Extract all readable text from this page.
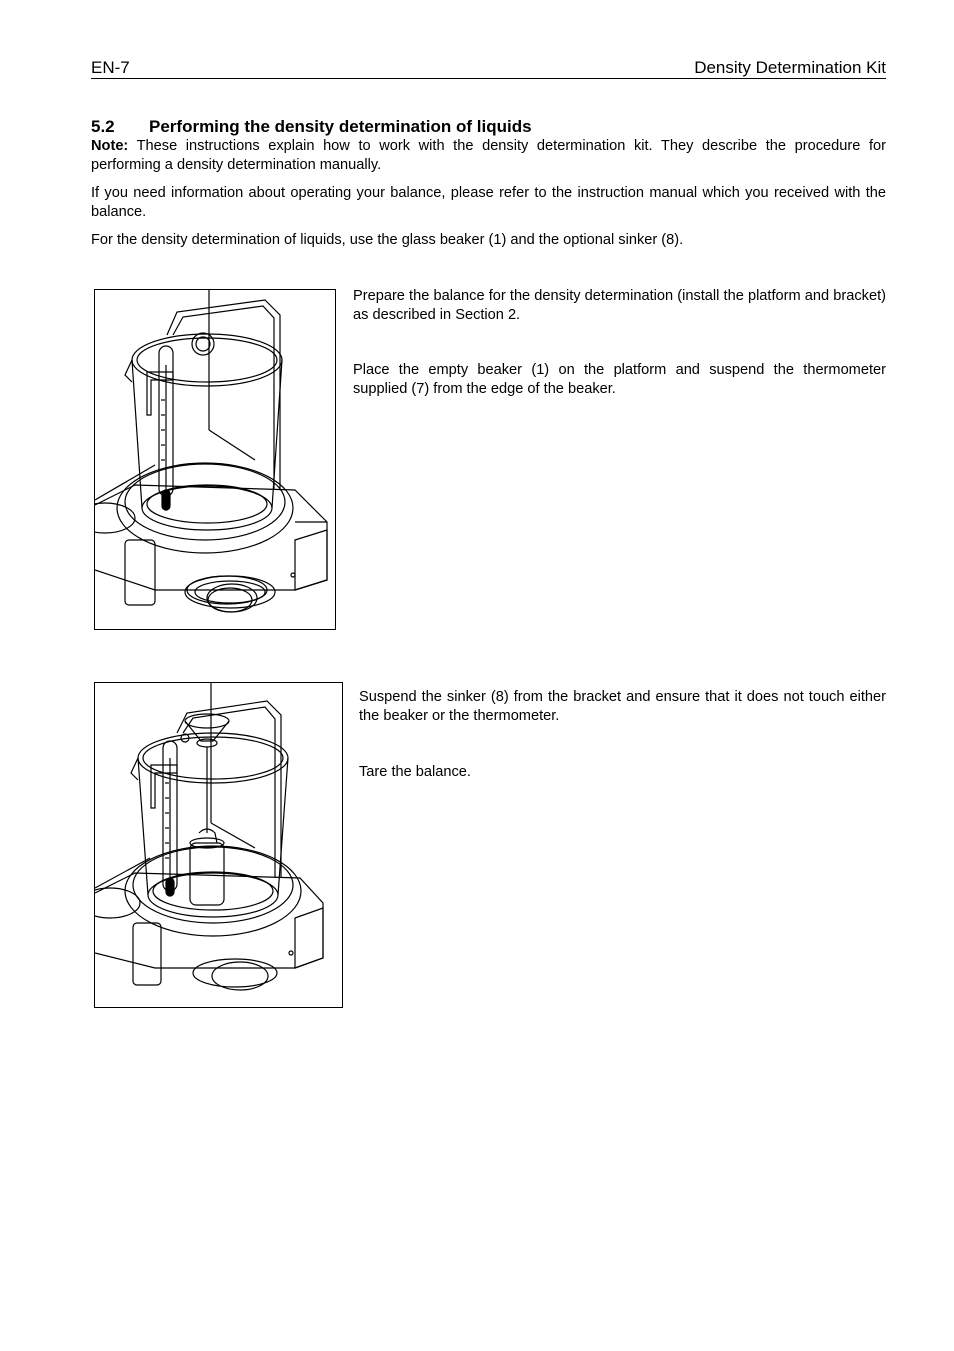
EN-7	Density Determination Kit
5.2 Performing the density determination of liquids

Note: These instructions explain how to work with the density determination kit. They describe the procedure for performing a density determination manually.

If you need information about operating your balance, please refer to the instruction manual which you received with the balance.

For the density determination of liquids, use the glass beaker (1) and the optional sinker (8).

Prepare the balance for the density determination (install the platform and bracket) as described in Section 2.

Place the empty beaker (1) on the platform and suspend the thermometer supplied (7) from the edge of the beaker.

Suspend the sinker (8) from the bracket and ensure that it does not touch either the beaker or the thermometer.

Tare the balance.
